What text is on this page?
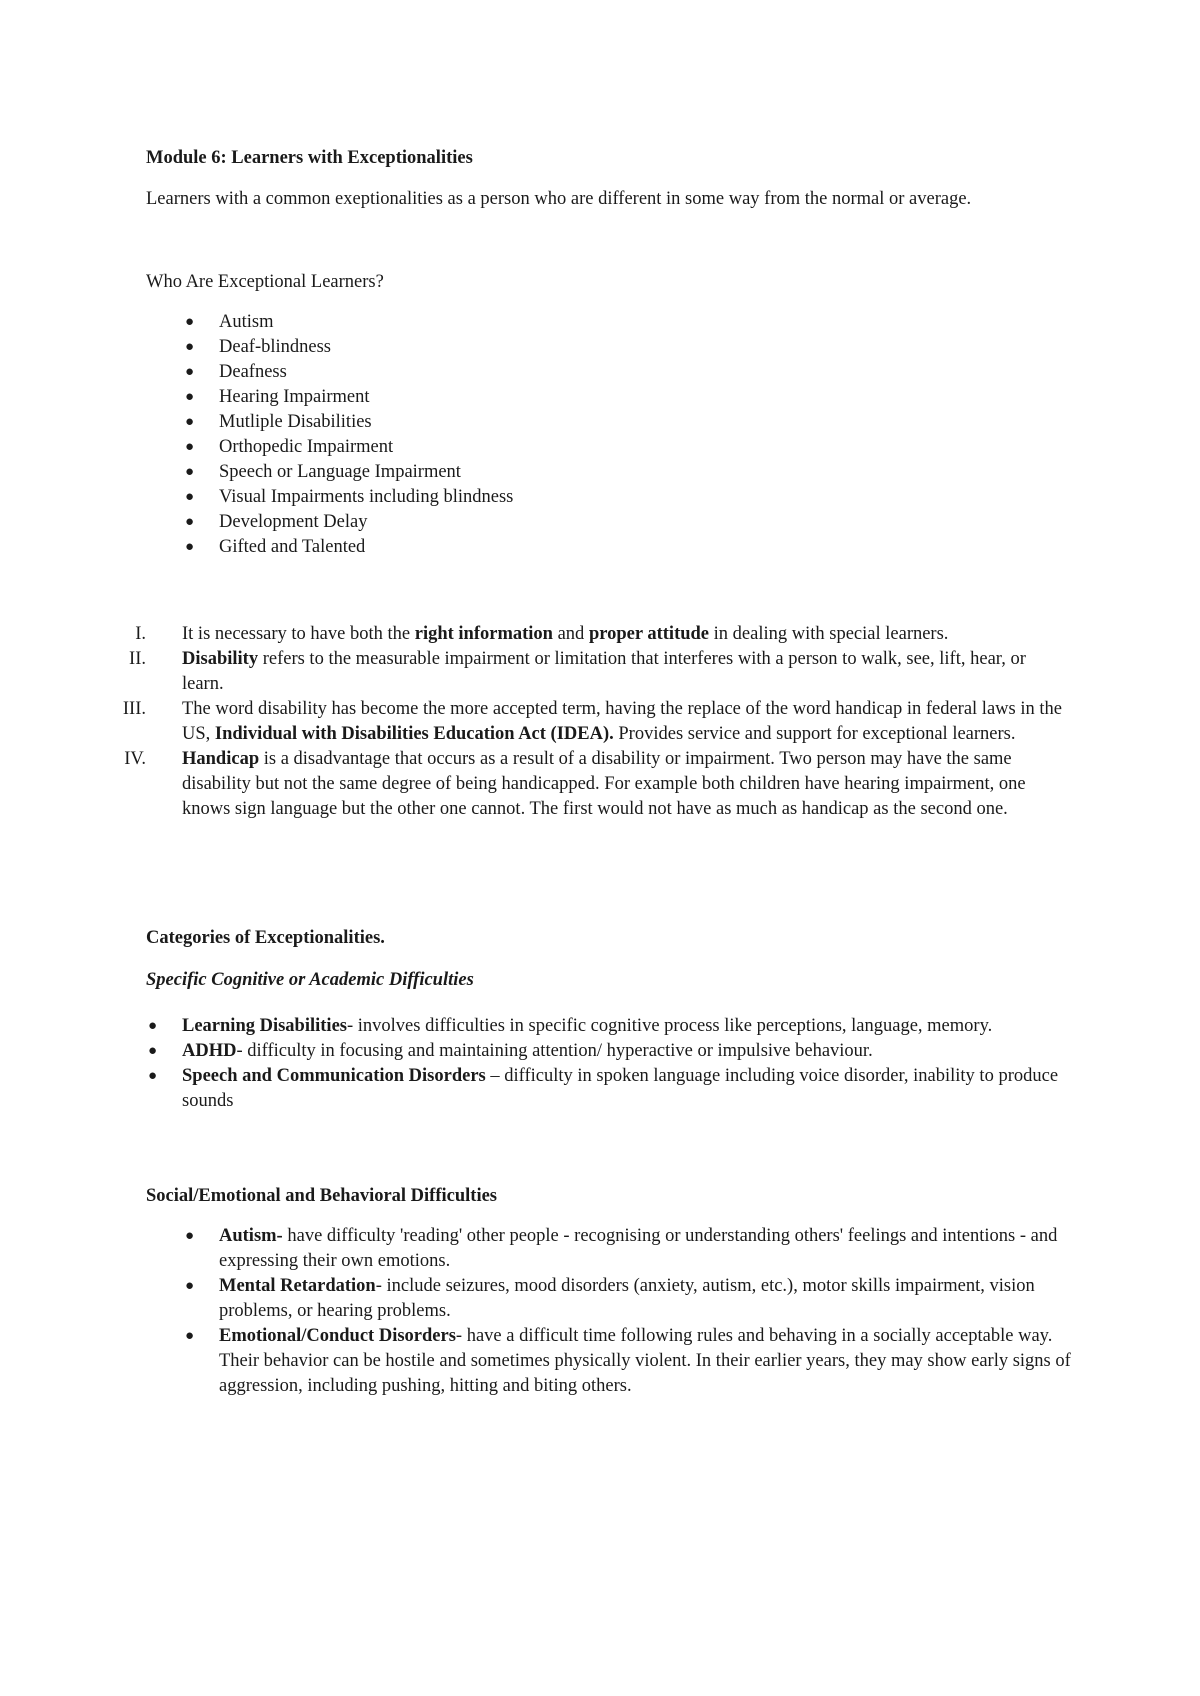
Module 6: Learners with Exceptionalities
Learners with a common exeptionalities as a person who are different in some way from the normal or average.
Who Are Exceptional Learners?
● Autism
● Deaf-blindness
● Deafness
● Hearing Impairment
● Mutliple Disabilities
● Orthopedic Impairment
● Speech or Language Impairment
● Visual Impairments including blindness
● Development Delay
● Gifted and Talented
I. It is necessary to have both the right information and proper attitude in dealing with special learners.
II. Disability refers to the measurable impairment or limitation that interferes with a person to walk, see, lift, hear, or learn.
III. The word disability has become the more accepted term, having the replace of the word handicap in federal laws in the US, Individual with Disabilities Education Act (IDEA). Provides service and support for exceptional learners.
IV. Handicap is a disadvantage that occurs as a result of a disability or impairment. Two person may have the same disability but not the same degree of being handicapped. For example both children have hearing impairment, one knows sign language but the other one cannot. The first would not have as much as handicap as the second one.
Categories of Exceptionalities.
Specific Cognitive or Academic Difficulties
● Learning Disabilities- involves difficulties in specific cognitive process like perceptions, language, memory.
● ADHD- difficulty in focusing and maintaining attention/ hyperactive or impulsive behaviour.
● Speech and Communication Disorders – difficulty in spoken language including voice disorder, inability to produce sounds
Social/Emotional and Behavioral Difficulties
● Autism- have difficulty 'reading' other people - recognising or understanding others' feelings and intentions - and expressing their own emotions.
● Mental Retardation- include seizures, mood disorders (anxiety, autism, etc.), motor skills impairment, vision problems, or hearing problems.
● Emotional/Conduct Disorders- have a difficult time following rules and behaving in a socially acceptable way. Their behavior can be hostile and sometimes physically violent. In their earlier years, they may show early signs of aggression, including pushing, hitting and biting others.
